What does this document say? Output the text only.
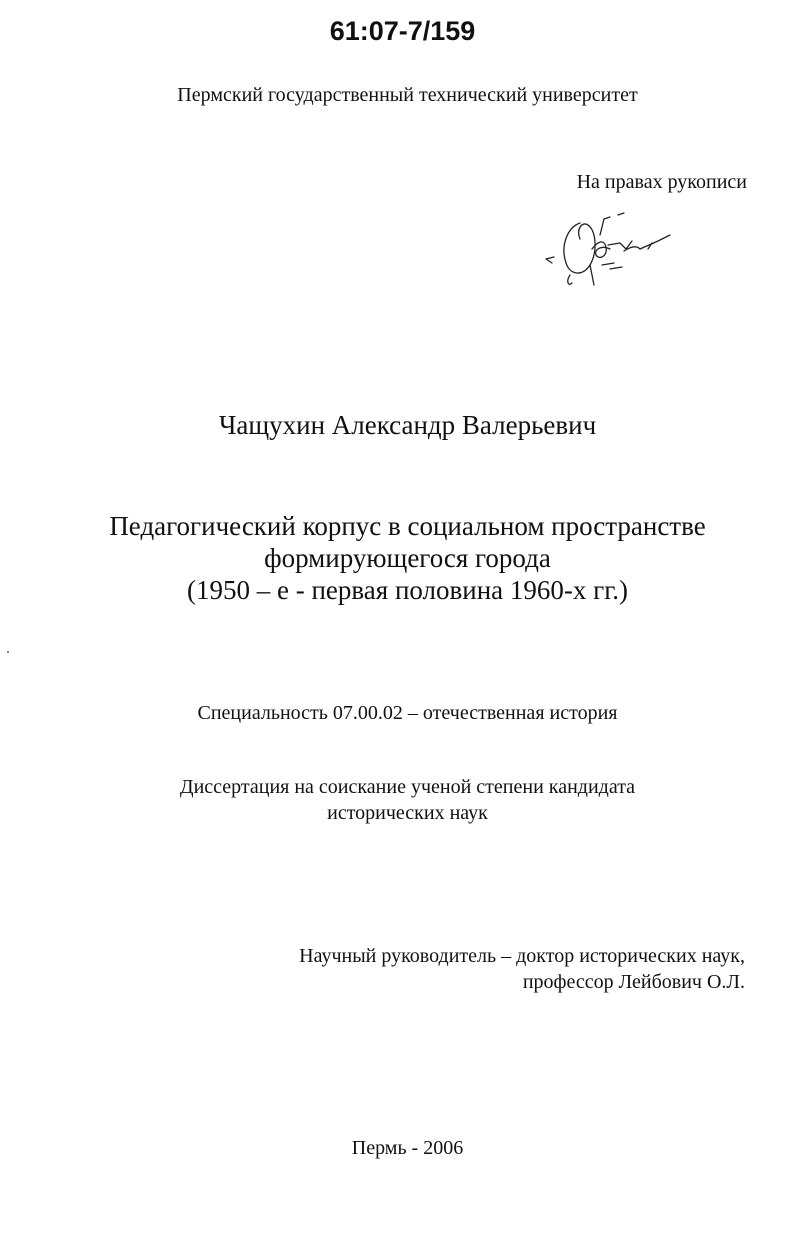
61:07-7/159
Пермский государственный технический университет
На правах рукописи
Чащухин Александр Валерьевич
Педагогический корпус в социальном пространстве
формирующегося города
(1950 – е - первая половина 1960-х гг.)
Специальность 07.00.02 – отечественная история
Диссертация на соискание ученой степени кандидата
исторических наук
Научный руководитель – доктор исторических наук,
профессор Лейбович О.Л.
Пермь - 2006
